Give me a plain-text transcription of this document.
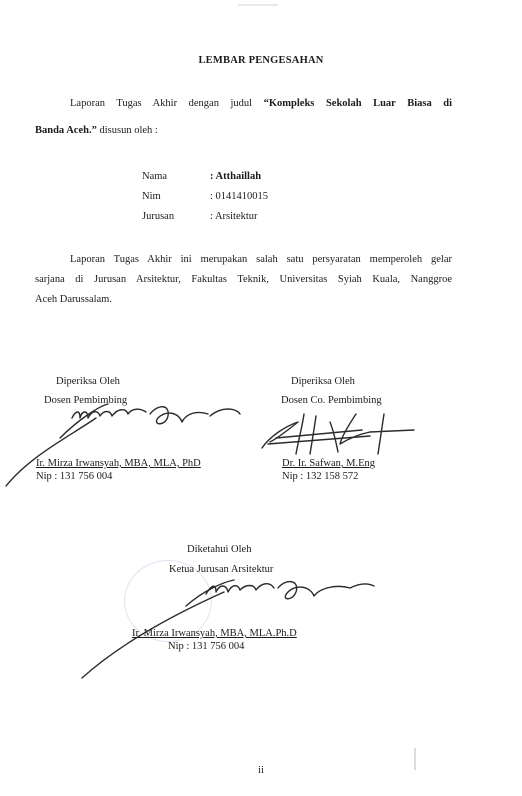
LEMBAR PENGESAHAN
Laporan Tugas Akhir dengan judul “Kompleks Sekolah Luar Biasa di
Banda Aceh.” disusun oleh :
Nama	: Atthaillah
Nim	: 0141410015
Jurusan	: Arsitektur
Laporan Tugas Akhir ini merupakan salah satu persyaratan memperoleh gelar
sarjana di Jurusan Arsitektur, Fakultas Teknik, Universitas Syiah Kuala, Nanggroe
Aceh Darussalam.
Diperiksa Oleh
Dosen Pembimbing
Ir. Mirza Irwansyah, MBA, MLA, PhD
Nip : 131 756 004
Diperiksa Oleh
Dosen Co. Pembimbing
Dr. Ir. Safwan, M.Eng
Nip : 132 158 572
Diketahui Oleh
Ketua Jurusan Arsitektur
Ir. Mirza Irwansyah, MBA, MLA.Ph.D
Nip : 131 756 004
ii
